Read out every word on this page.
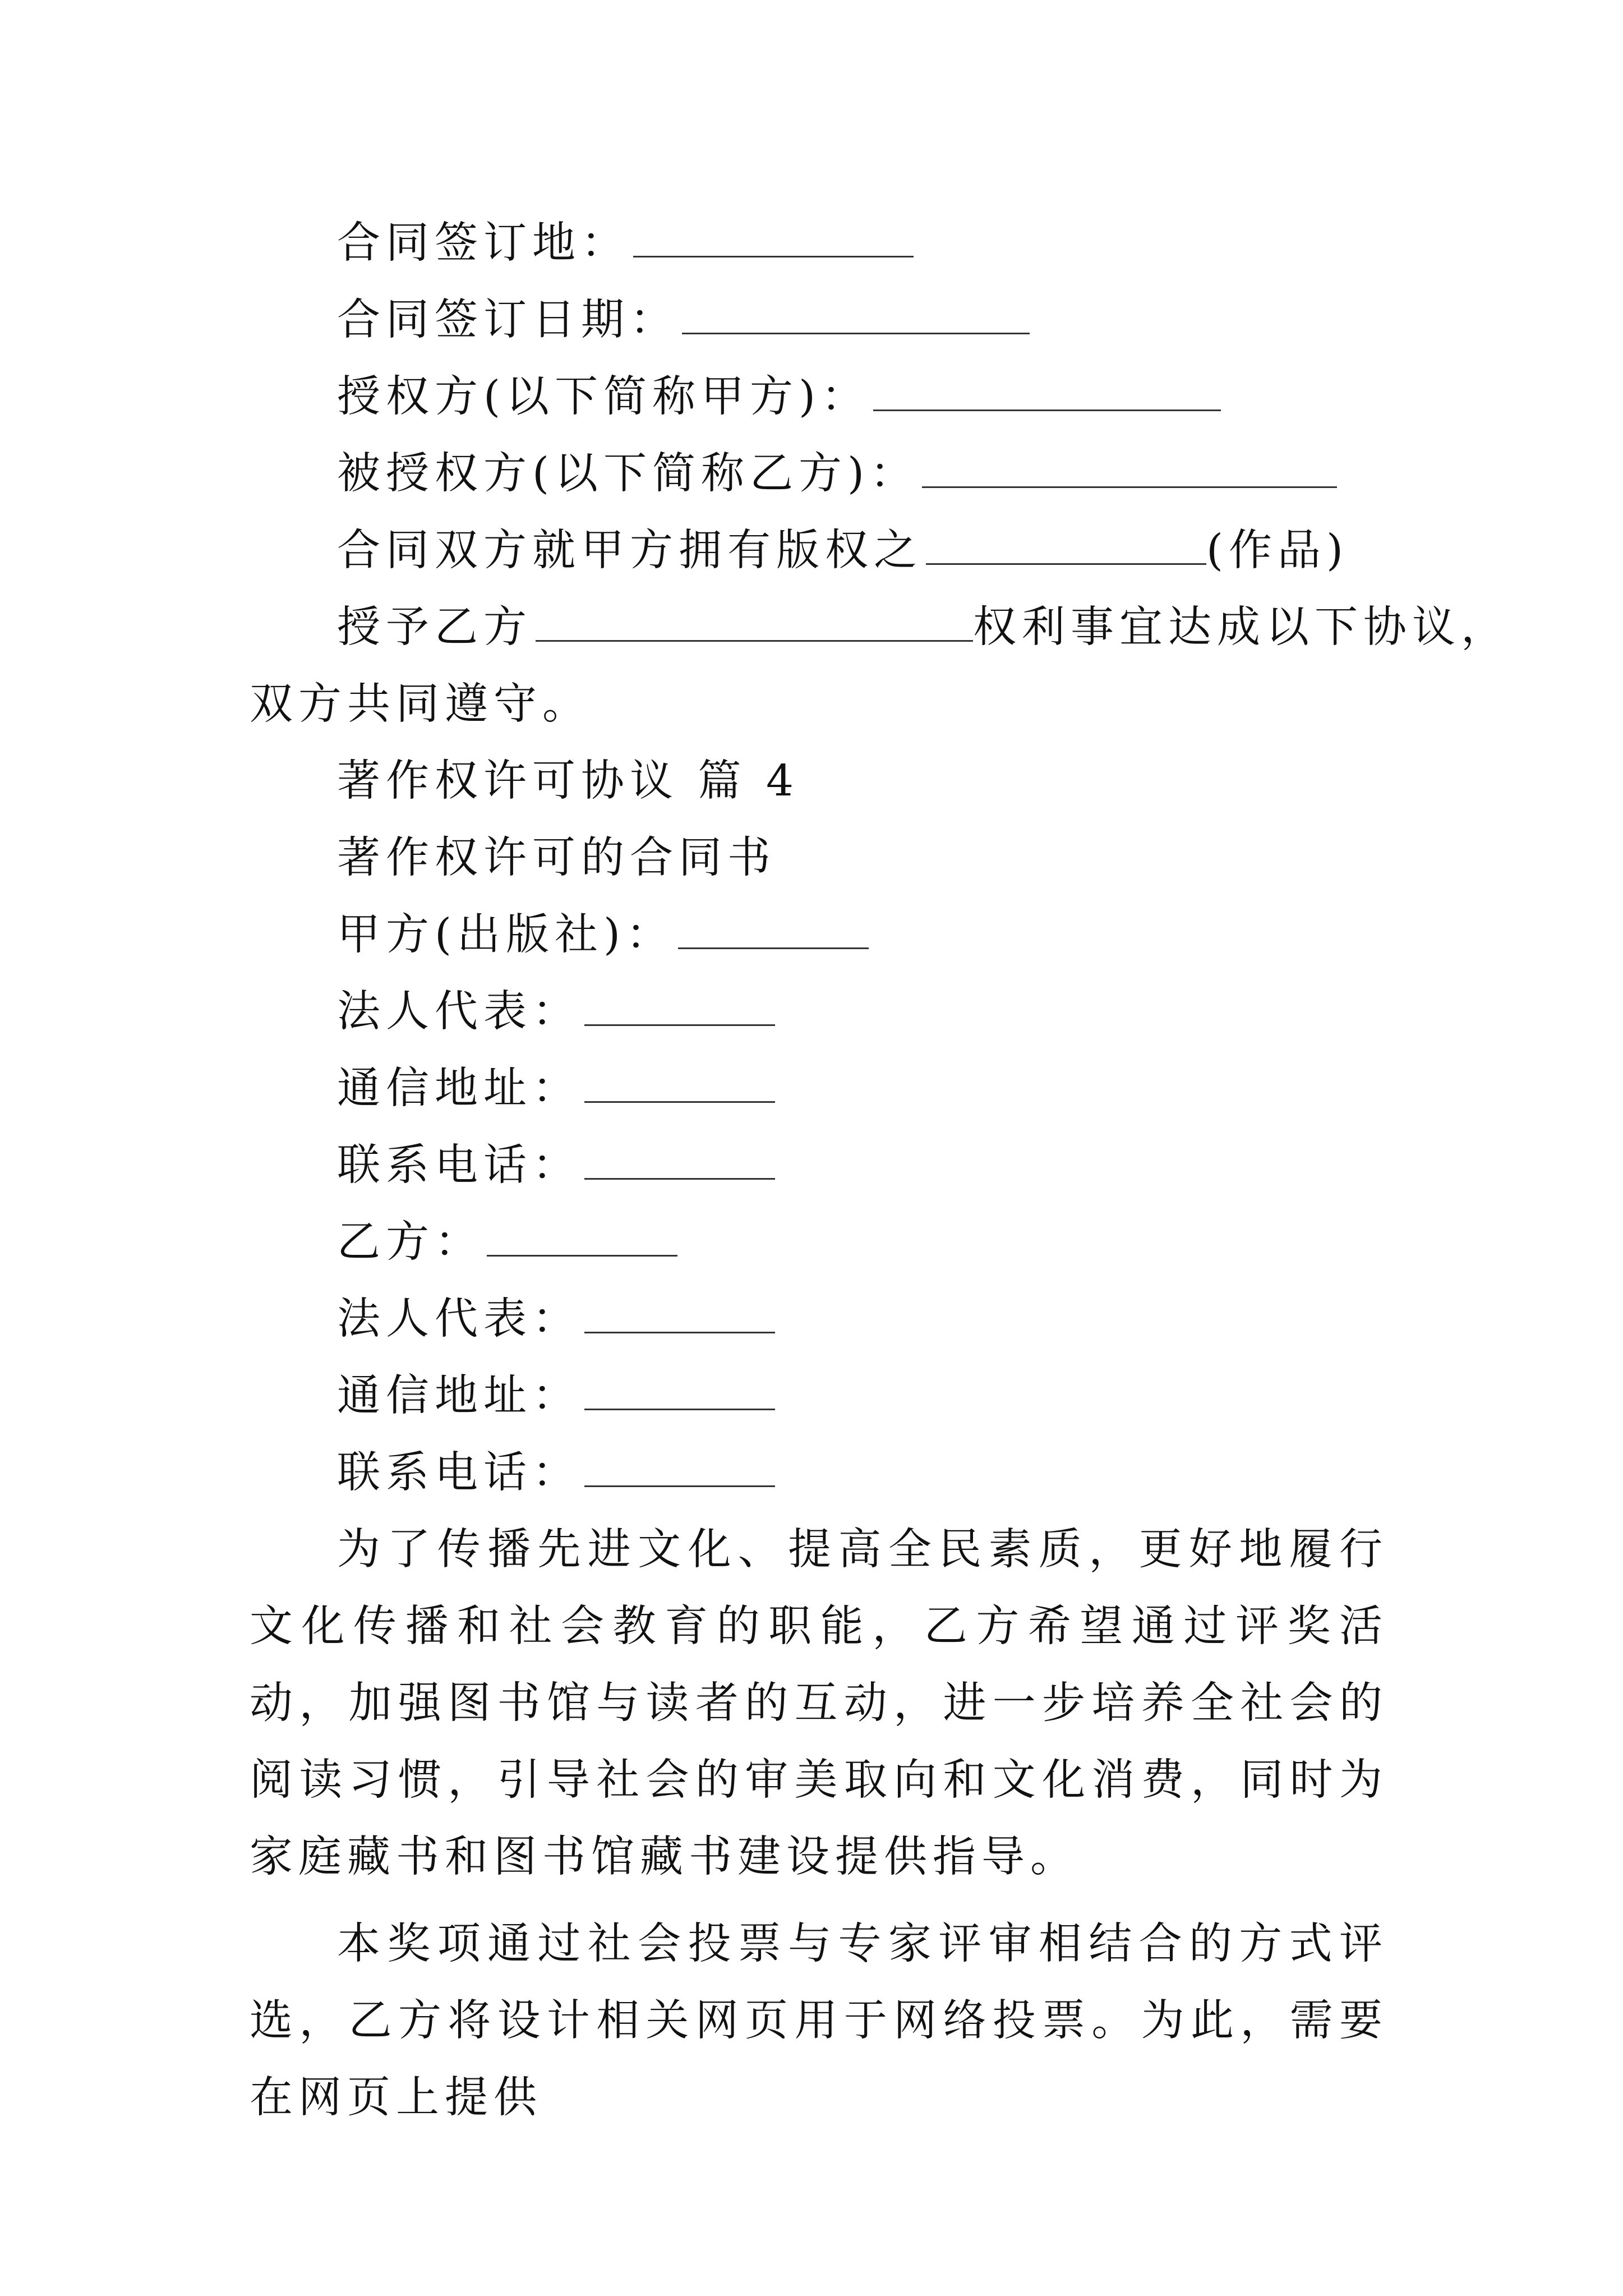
合同签订地：
合同签订日期：
授权方(以下简称甲方)：
被授权方(以下简称乙方)：
合同双方就甲方拥有版权之	(作品)
授予乙方	权利事宜达成以下协议，
双方共同遵守。
著作权许可协议 篇 4
著作权许可的合同书
甲方(出版社)：
法人代表：
通信地址：
联系电话：
乙方：
法人代表：
通信地址：
联系电话：

为了传播先进文化、提高全民素质，更好地履行文化传播和社会教育的职能，乙方希望通过评奖活动，加强图书馆与读者的互动，进一步培养全社会的阅读习惯，引导社会的审美取向和文化消费，同时为家庭藏书和图书馆藏书建设提供指导。

本奖项通过社会投票与专家评审相结合的方式评选，乙方将设计相关网页用于网络投票。为此，需要在网页上提供
